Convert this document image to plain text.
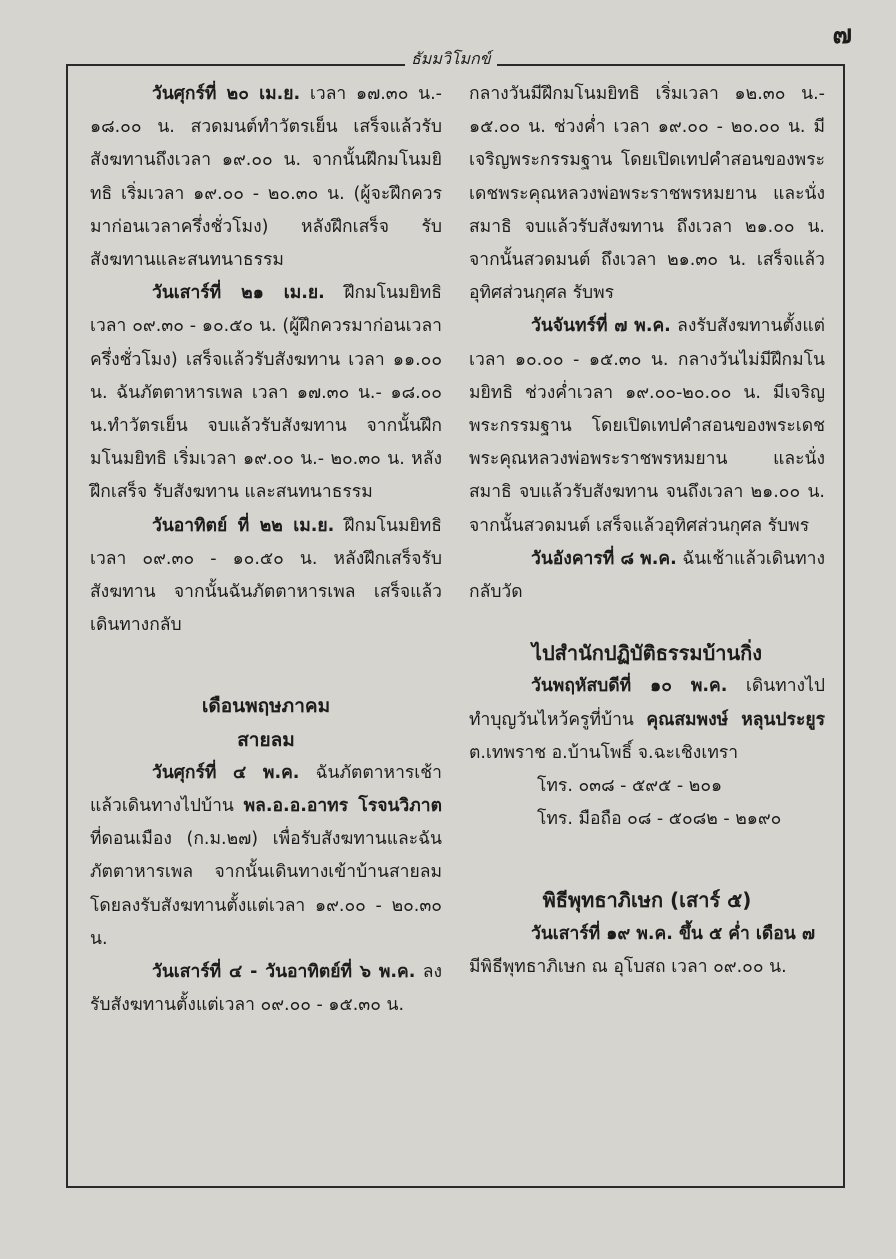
๗
ธัมมวิโมกข์

วันศุกร์ที่ ๒๐ เม.ย. เวลา ๑๗.๓๐ น.- ๑๘.๐๐ น. สวดมนต์ทำวัตรเย็น เสร็จแล้วรับสังฆทานถึงเวลา ๑๙.๐๐ น. จากนั้นฝึกมโนมยิทธิ เริ่มเวลา ๑๙.๐๐ - ๒๐.๓๐ น. (ผู้จะฝึกควรมาก่อนเวลาครึ่งชั่วโมง) หลังฝึกเสร็จ รับสังฆทานและสนทนาธรรม

วันเสาร์ที่ ๒๑ เม.ย. ฝึกมโนมยิทธิ เวลา ๐๙.๓๐ - ๑๐.๕๐ น. (ผู้ฝึกควรมาก่อนเวลาครึ่งชั่วโมง) เสร็จแล้วรับสังฆทาน เวลา ๑๑.๐๐ น. ฉันภัตตาหารเพล เวลา ๑๗.๓๐ น.- ๑๘.๐๐ น.ทำวัตรเย็น จบแล้วรับสังฆทาน จากนั้นฝึกมโนมยิทธิ เริ่มเวลา ๑๙.๐๐ น.- ๒๐.๓๐ น. หลังฝึกเสร็จ รับสังฆทาน และสนทนาธรรม

วันอาทิตย์ ที่ ๒๒ เม.ย. ฝึกมโนมยิทธิ เวลา ๐๙.๓๐ - ๑๐.๕๐ น. หลังฝึกเสร็จรับสังฆทาน จากนั้นฉันภัตตาหารเพล เสร็จแล้วเดินทางกลับ

เดือนพฤษภาคม

สายลม

วันศุกร์ที่ ๔ พ.ค. ฉันภัตตาหารเช้าแล้วเดินทางไปบ้าน พล.อ.อ.อาทร โรจนวิภาต ที่ดอนเมือง (ก.ม.๒๗) เพื่อรับสังฆทานและฉันภัตตาหารเพล จากนั้นเดินทางเข้าบ้านสายลม โดยลงรับสังฆทานตั้งแต่เวลา ๑๙.๐๐ - ๒๐.๓๐ น.

วันเสาร์ที่ ๔ - วันอาทิตย์ที่ ๖ พ.ค. ลงรับสังฆทานตั้งแต่เวลา ๐๙.๐๐ - ๑๕.๓๐ น.

กลางวันมีฝึกมโนมยิทธิ เริ่มเวลา ๑๒.๓๐ น.- ๑๕.๐๐ น. ช่วงค่ำ เวลา ๑๙.๐๐ - ๒๐.๐๐ น. มีเจริญพระกรรมฐาน โดยเปิดเทปคำสอนของพระเดชพระคุณหลวงพ่อพระราชพรหมยาน และนั่งสมาธิ จบแล้วรับสังฆทาน ถึงเวลา ๒๑.๐๐ น. จากนั้นสวดมนต์ ถึงเวลา ๒๑.๓๐ น. เสร็จแล้วอุทิศส่วนกุศล รับพร

วันจันทร์ที่ ๗ พ.ค. ลงรับสังฆทานตั้งแต่เวลา ๑๐.๐๐ - ๑๕.๓๐ น. กลางวันไม่มีฝึกมโนมยิทธิ ช่วงค่ำเวลา ๑๙.๐๐-๒๐.๐๐ น. มีเจริญพระกรรมฐาน โดยเปิดเทปคำสอนของพระเดชพระคุณหลวงพ่อพระราชพรหมยาน และนั่งสมาธิ จบแล้วรับสังฆทาน จนถึงเวลา ๒๑.๐๐ น. จากนั้นสวดมนต์ เสร็จแล้วอุทิศส่วนกุศล รับพร

วันอังคารที่ ๘ พ.ค. ฉันเช้าแล้วเดินทางกลับวัด

ไปสำนักปฏิบัติธรรมบ้านกิ่ง

วันพฤหัสบดีที่ ๑๐ พ.ค. เดินทางไปทำบุญวันไหว้ครูที่บ้าน คุณสมพงษ์ หลุนประยูร ต.เทพราช อ.บ้านโพธิ์ จ.ฉะเชิงเทรา

โทร. ๐๓๘ - ๕๙๕ - ๒๐๑

โทร. มือถือ ๐๘ - ๕๐๘๒ - ๒๑๙๐

พิธีพุทธาภิเษก (เสาร์ ๕)

วันเสาร์ที่ ๑๙ พ.ค. ขึ้น ๕ ค่ำ เดือน ๗

มีพิธีพุทธาภิเษก ณ อุโบสถ เวลา ๐๙.๐๐ น.
